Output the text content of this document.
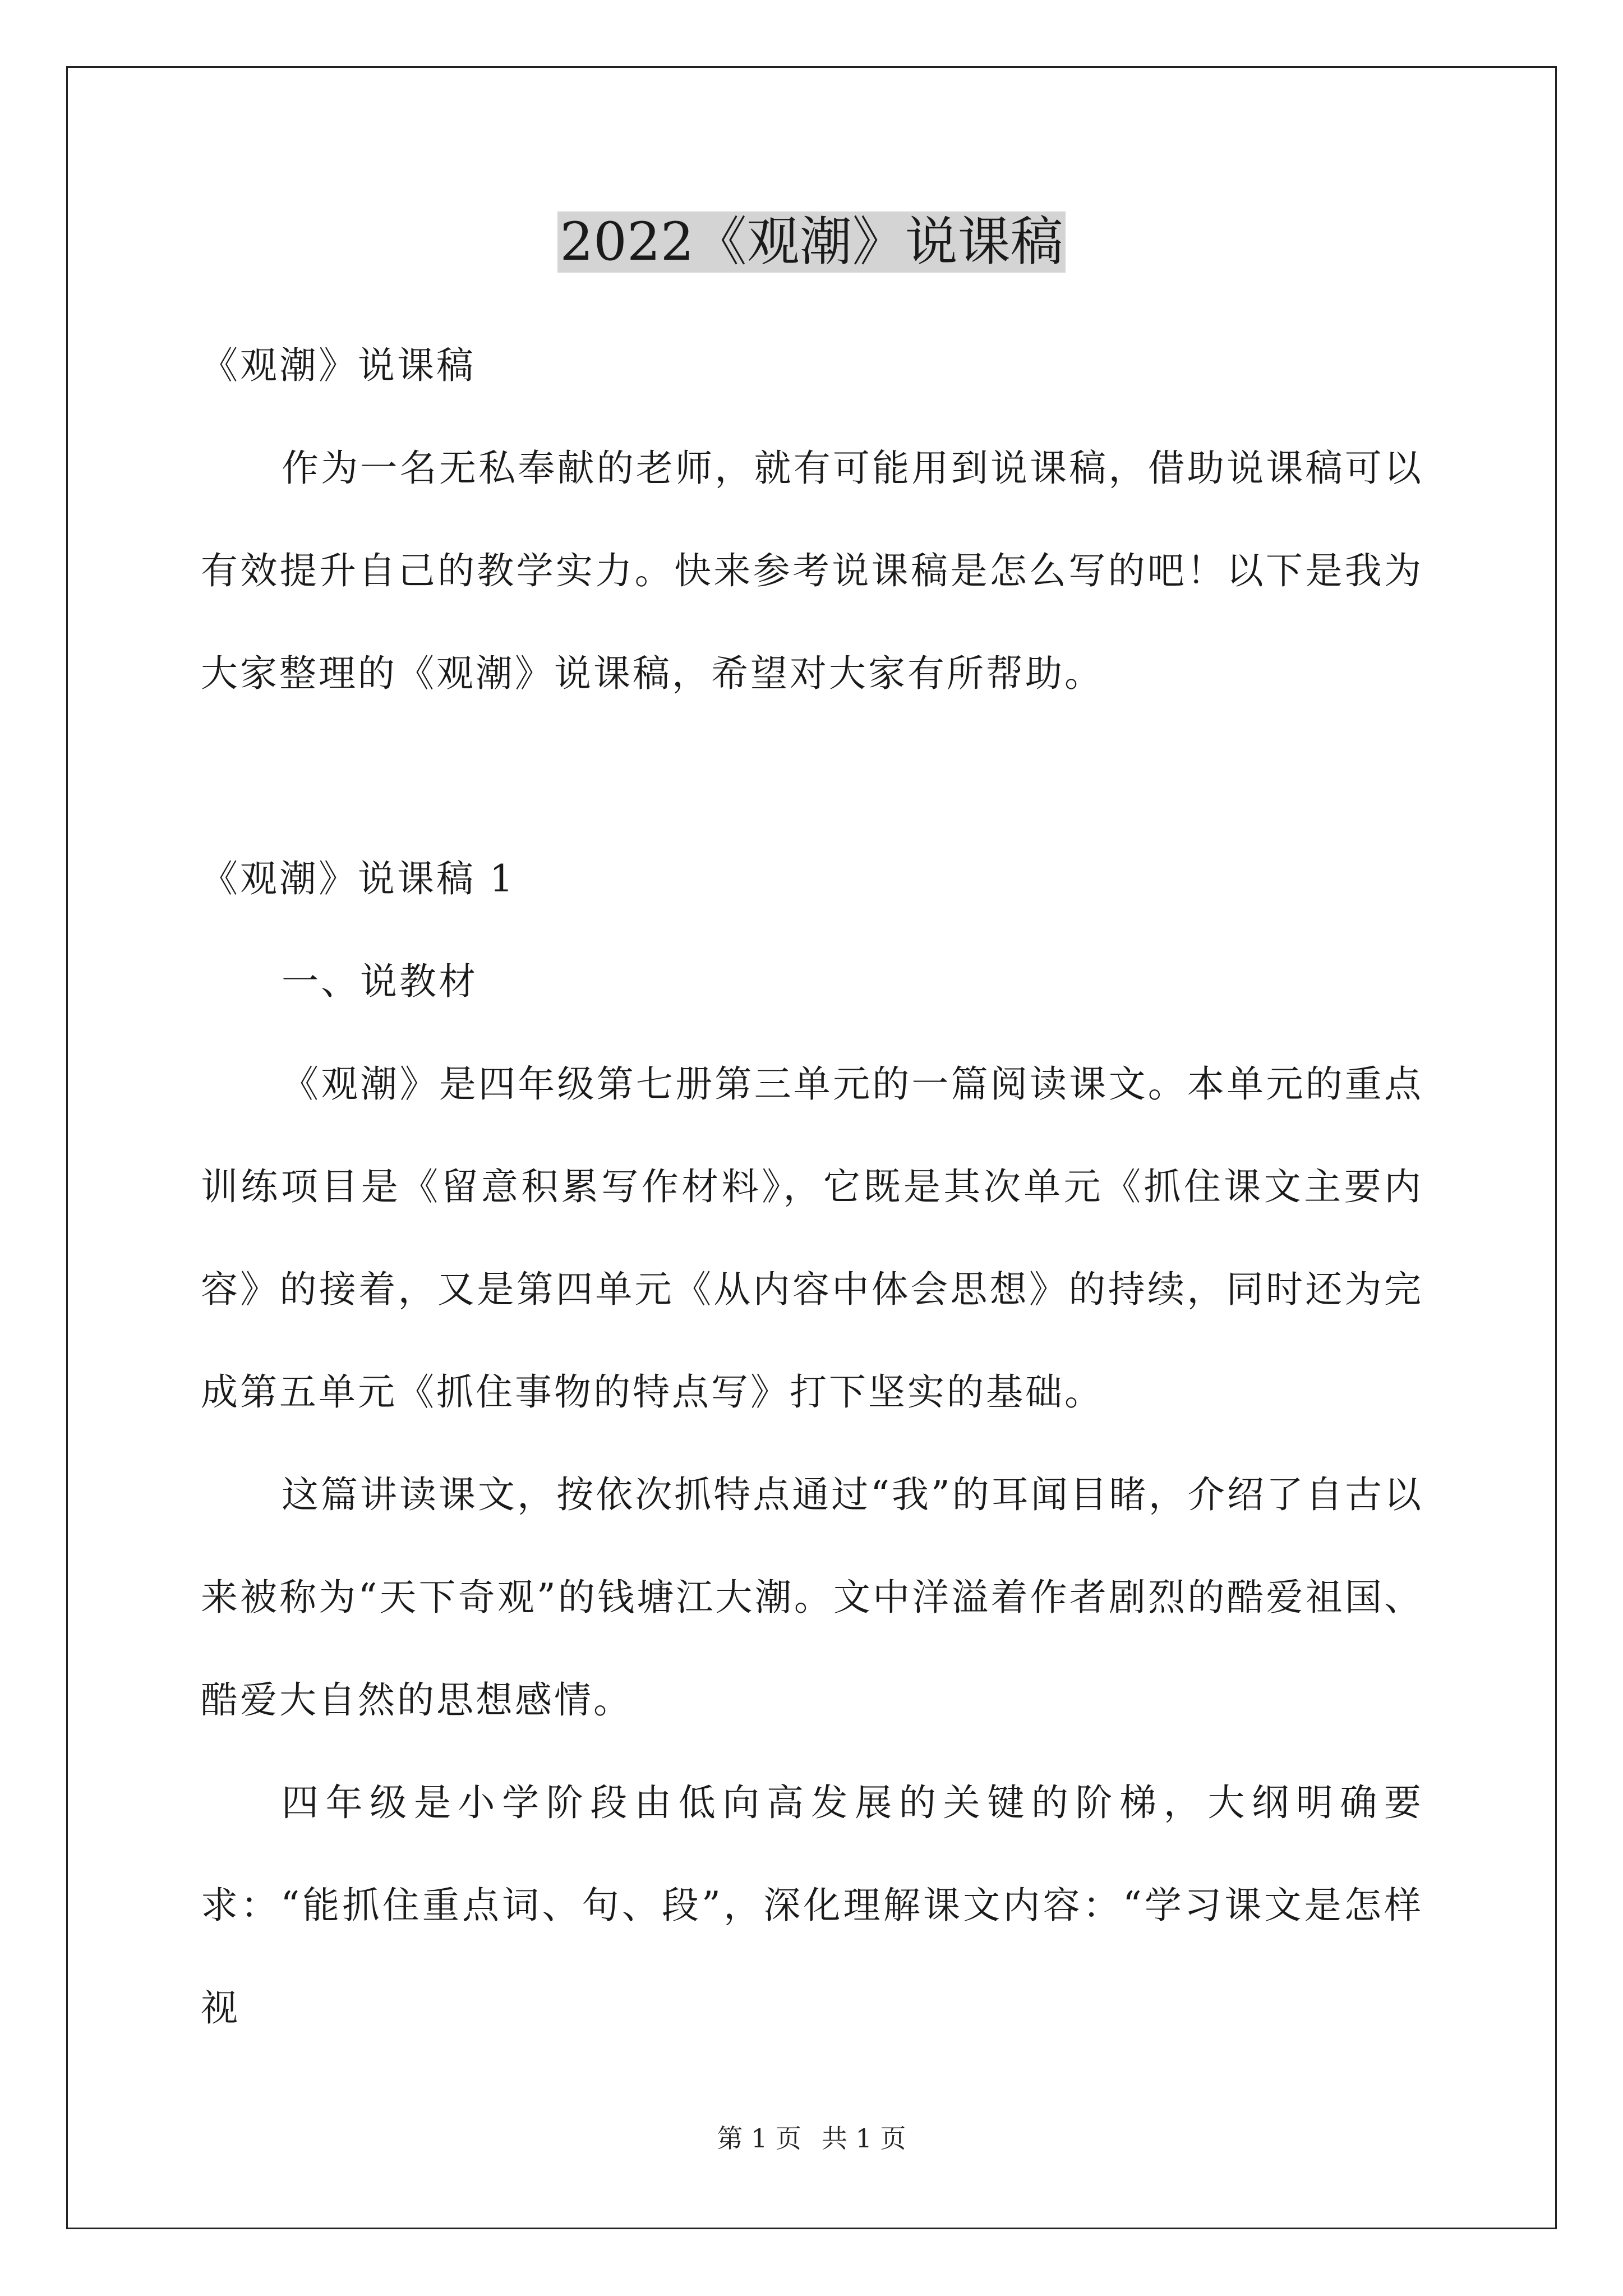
2022《观潮》说课稿

《观潮》说课稿

作为一名无私奉献的老师，就有可能用到说课稿，借助说课稿可以有效提升自己的教学实力。快来参考说课稿是怎么写的吧！以下是我为大家整理的《观潮》说课稿，希望对大家有所帮助。

《观潮》说课稿 1

一、说教材

《观潮》是四年级第七册第三单元的一篇阅读课文。本单元的重点训练项目是《留意积累写作材料》，它既是其次单元《抓住课文主要内容》的接着，又是第四单元《从内容中体会思想》的持续，同时还为完成第五单元《抓住事物的特点写》打下坚实的基础。

这篇讲读课文，按依次抓特点通过“我”的耳闻目睹，介绍了自古以来被称为“天下奇观”的钱塘江大潮。文中洋溢着作者剧烈的酷爱祖国、酷爱大自然的思想感情。

四年级是小学阶段由低向高发展的关键的阶梯，大纲明确要求：“能抓住重点词、句、段”，深化理解课文内容：“学习课文是怎样视

第 1 页 共 1 页
